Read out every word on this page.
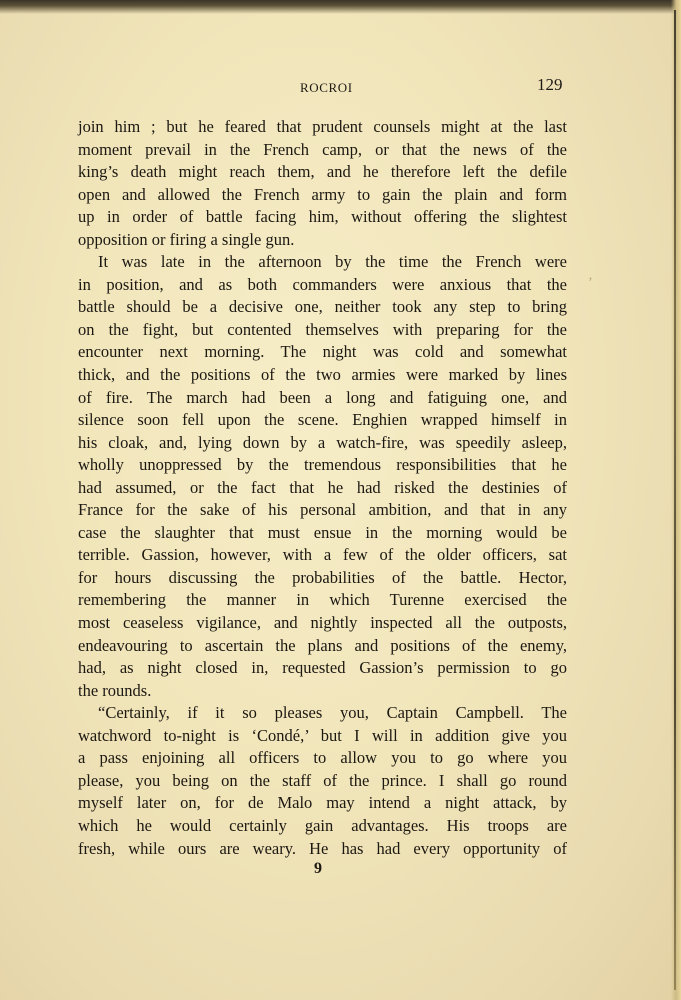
ROCROI	129
‚
join him ; but he feared that prudent counsels might at the last
moment prevail in the French camp, or that the news of the
king’s death might reach them, and he therefore left the defile
open and allowed the French army to gain the plain and form
up in order of battle facing him, without offering the slightest
opposition or firing a single gun.
It was late in the afternoon by the time the French were
in position, and as both commanders were anxious that the
battle should be a decisive one, neither took any step to bring
on the fight, but contented themselves with preparing for the
encounter next morning. The night was cold and somewhat
thick, and the positions of the two armies were marked by lines
of fire. The march had been a long and fatiguing one, and
silence soon fell upon the scene. Enghien wrapped himself in
his cloak, and, lying down by a watch-fire, was speedily asleep,
wholly unoppressed by the tremendous responsibilities that he
had assumed, or the fact that he had risked the destinies of
France for the sake of his personal ambition, and that in any
case the slaughter that must ensue in the morning would be
terrible. Gassion, however, with a few of the older officers, sat
for hours discussing the probabilities of the battle. Hector,
remembering the manner in which Turenne exercised the
most ceaseless vigilance, and nightly inspected all the outposts,
endeavouring to ascertain the plans and positions of the enemy,
had, as night closed in, requested Gassion’s permission to go
the rounds.
“Certainly, if it so pleases you, Captain Campbell. The
watchword to-night is ‘Condé,’ but I will in addition give you
a pass enjoining all officers to allow you to go where you
please, you being on the staff of the prince. I shall go round
myself later on, for de Malo may intend a night attack, by
which he would certainly gain advantages. His troops are
fresh, while ours are weary. He has had every opportunity of
9
